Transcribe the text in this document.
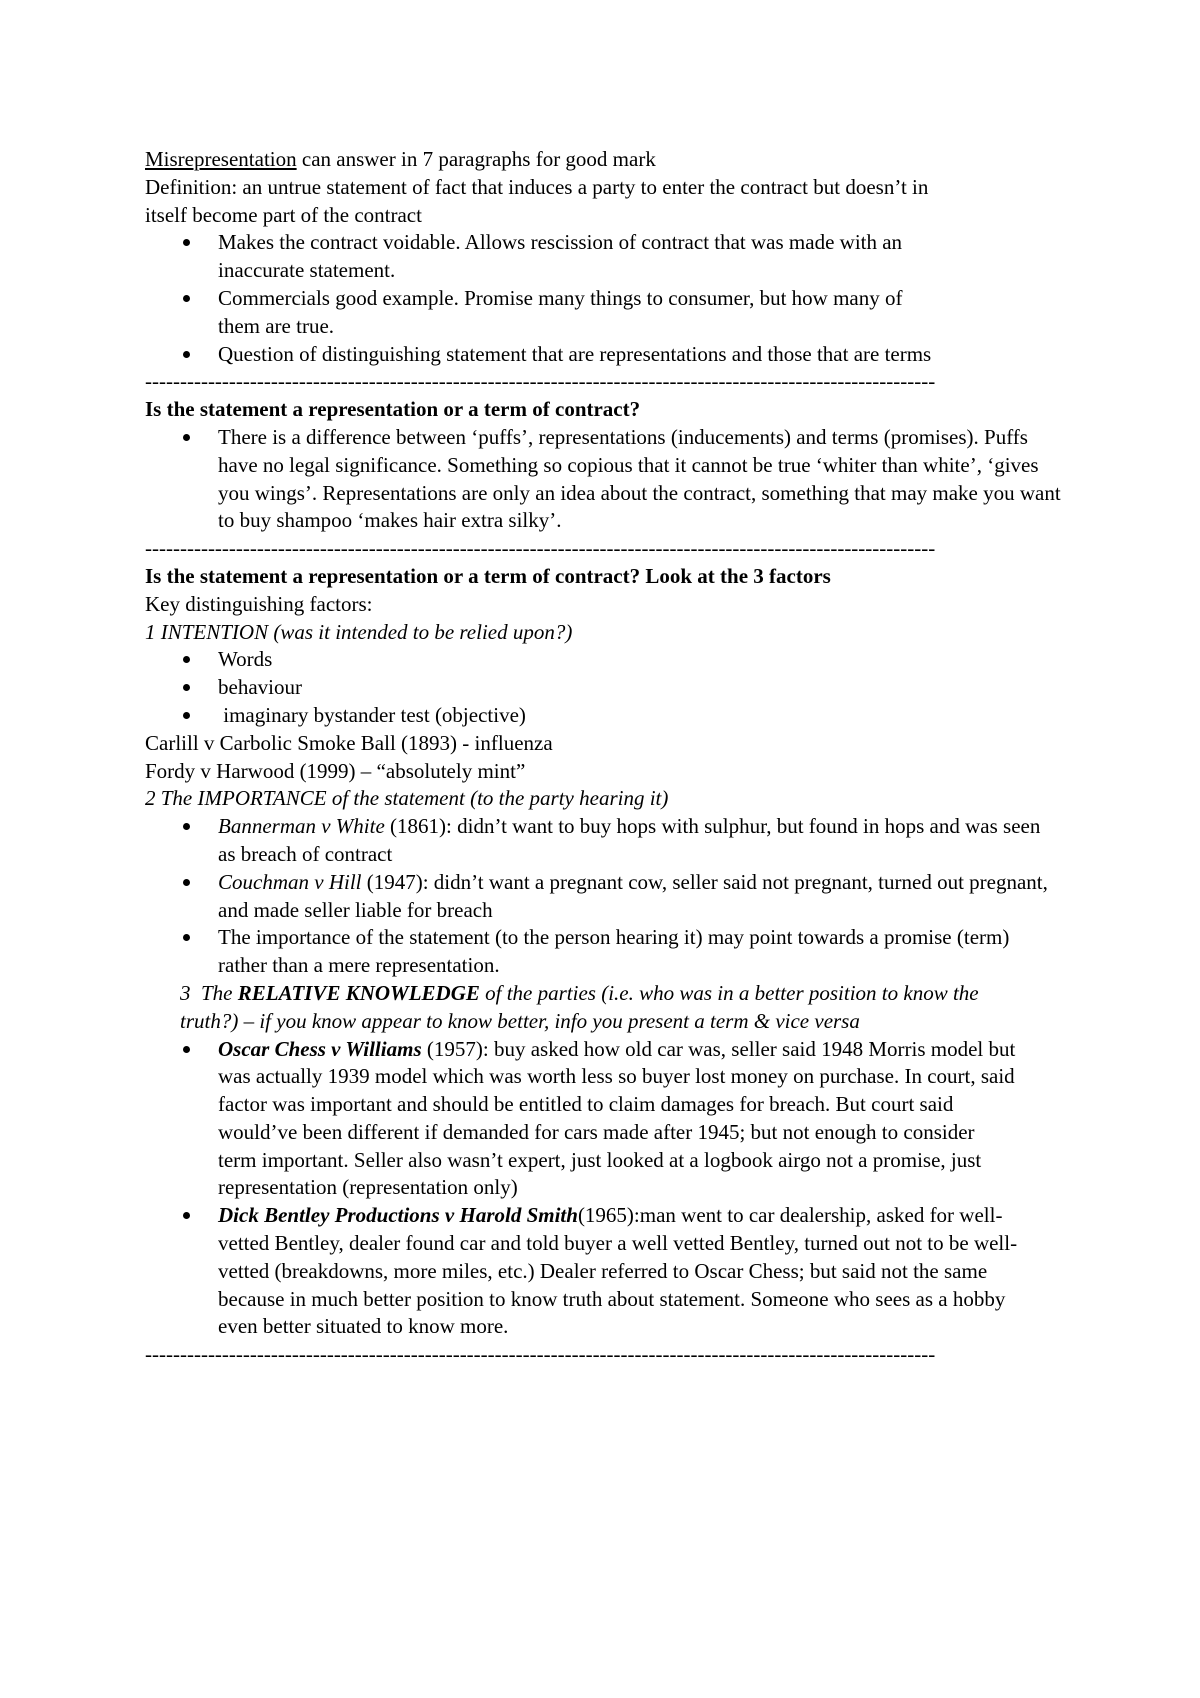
Misrepresentation can answer in 7 paragraphs for good mark
Definition: an untrue statement of fact that induces a party to enter the contract but doesn’t in
itself become part of the contract
Makes the contract voidable. Allows rescission of contract that was made with an inaccurate statement.
Commercials good example. Promise many things to consumer, but how many of them are true.
Question of distinguishing statement that are representations and those that are terms
-----------------------------------------------------------------------------------------------------------------
Is the statement a representation or a term of contract?
There is a difference between ‘puffs’, representations (inducements) and terms (promises). Puffs have no legal significance. Something so copious that it cannot be true ‘whiter than white’, ‘gives you wings’. Representations are only an idea about the contract, something that may make you want to buy shampoo ‘makes hair extra silky’.
-----------------------------------------------------------------------------------------------------------------
Is the statement a representation or a term of contract? Look at the 3 factors
Key distinguishing factors:
1 INTENTION (was it intended to be relied upon?)
Words
behaviour
imaginary bystander test (objective)
Carlill v Carbolic Smoke Ball (1893) - influenza
Fordy v Harwood (1999) – “absolutely mint”
2 The IMPORTANCE of the statement (to the party hearing it)
Bannerman v White (1861): didn’t want to buy hops with sulphur, but found in hops and was seen as breach of contract
Couchman v Hill (1947): didn’t want a pregnant cow, seller said not pregnant, turned out pregnant, and made seller liable for breach
The importance of the statement (to the person hearing it) may point towards a promise (term) rather than a mere representation.
3  The RELATIVE KNOWLEDGE of the parties (i.e. who was in a better position to know the truth?) – if you know appear to know better, info you present a term & vice versa
Oscar Chess v Williams (1957): buy asked how old car was, seller said 1948 Morris model but was actually 1939 model which was worth less so buyer lost money on purchase. In court, said factor was important and should be entitled to claim damages for breach. But court said would’ve been different if demanded for cars made after 1945; but not enough to consider term important. Seller also wasn’t expert, just looked at a logbook airgo not a promise, just representation (representation only)
Dick Bentley Productions v Harold Smith(1965):man went to car dealership, asked for well-vetted Bentley, dealer found car and told buyer a well vetted Bentley, turned out not to be well-vetted (breakdowns, more miles, etc.) Dealer referred to Oscar Chess; but said not the same because in much better position to know truth about statement. Someone who sees as a hobby even better situated to know more.
-----------------------------------------------------------------------------------------------------------------
